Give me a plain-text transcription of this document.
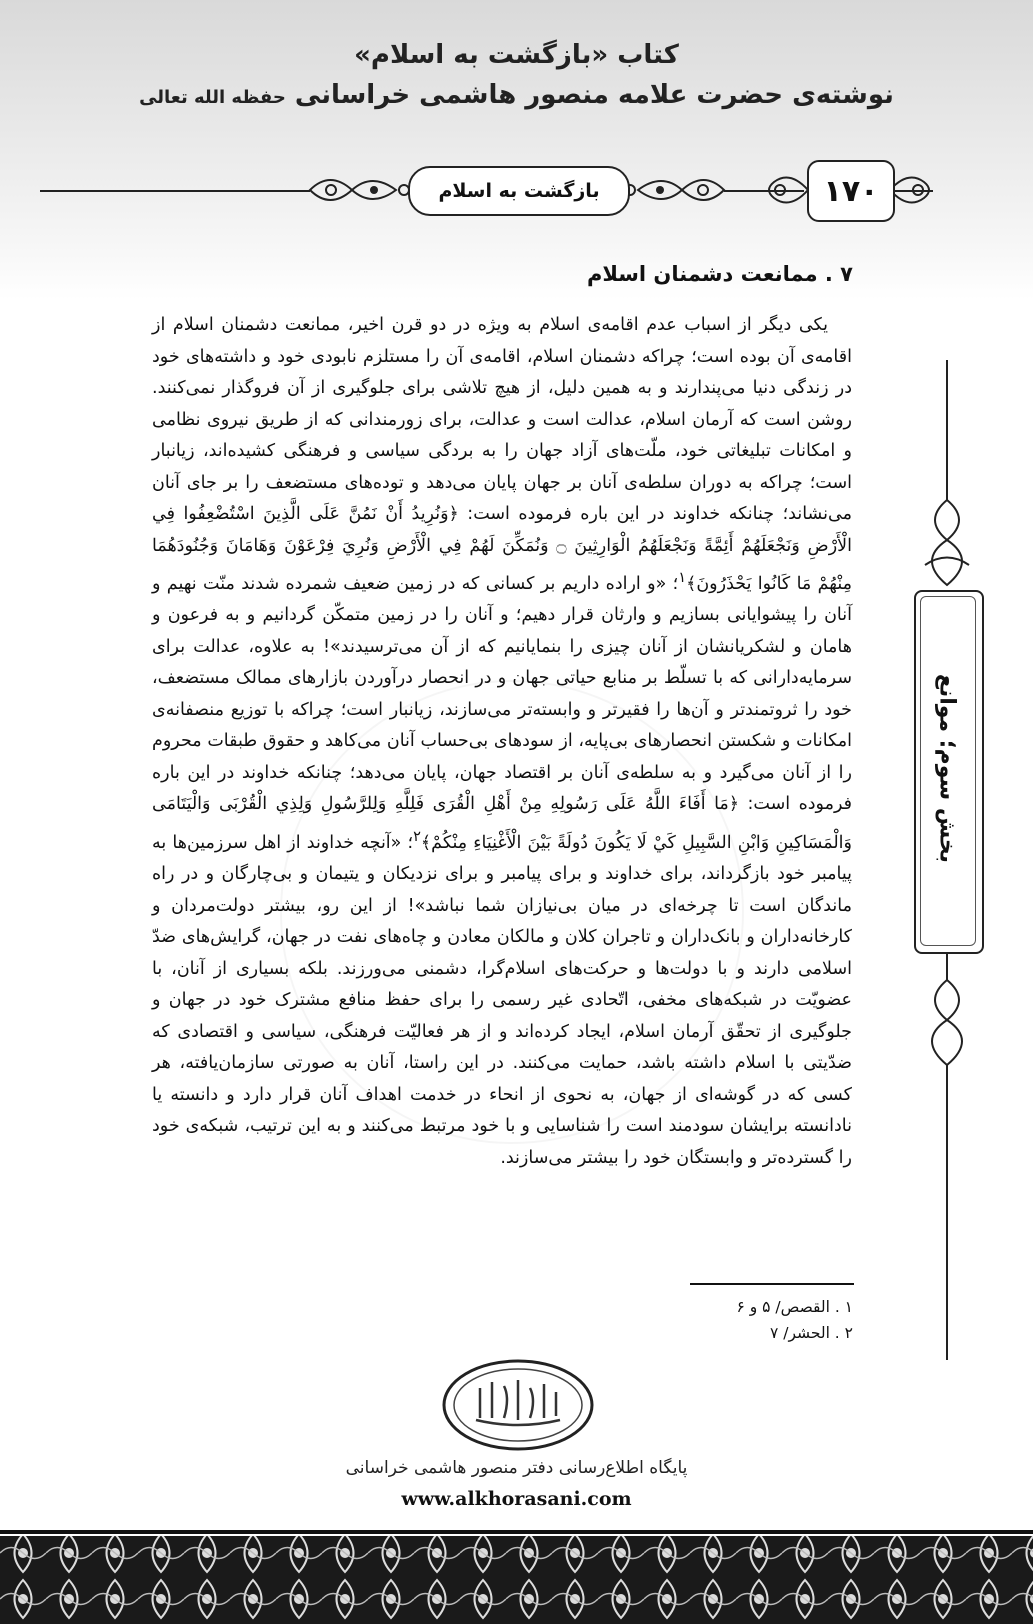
کتاب «بازگشت به اسلام»
نوشته‌ی حضرت علامه منصور هاشمی خراسانی حفظه الله تعالی
بازگشت به اسلام	۱۷۰
بخش سوم؛ موانع
۷ . ممانعت دشمنان اسلام

یکی دیگر از اسباب عدم اقامه‌ی اسلام به ویژه در دو قرن اخیر، ممانعت دشمنان اسلام از اقامه‌ی آن بوده است؛ چراکه دشمنان اسلام، اقامه‌ی آن را مستلزم نابودی خود و داشته‌های خود در زندگی دنیا می‌پندارند و به همین دلیل، از هیچ تلاشی برای جلوگیری از آن فروگذار نمی‌کنند. روشن است که آرمان اسلام، عدالت است و عدالت، برای زورمندانی که از طریق نیروی نظامی و امکانات تبلیغاتی خود، ملّت‌های آزاد جهان را به بردگی سیاسی و فرهنگی کشیده‌اند، زیانبار است؛ چراکه به دوران سلطه‌ی آنان بر جهان پایان می‌دهد و توده‌های مستضعف را بر جای آنان می‌نشاند؛ چنانکه خداوند در این باره فرموده است: ﴿وَنُرِيدُ أَنْ نَمُنَّ عَلَى الَّذِينَ اسْتُضْعِفُوا فِي الْأَرْضِ وَنَجْعَلَهُمْ أَئِمَّةً وَنَجْعَلَهُمُ الْوَارِثِينَ ۝ وَنُمَكِّنَ لَهُمْ فِي الْأَرْضِ وَنُرِيَ فِرْعَوْنَ وَهَامَانَ وَجُنُودَهُمَا مِنْهُمْ مَا كَانُوا يَحْذَرُونَ﴾$^۱$؛ «و اراده داریم بر کسانی که در زمین ضعیف شمرده شدند منّت نهیم و آنان را پیشوایانی بسازیم و وارثان قرار دهیم؛ و آنان را در زمین متمکّن گردانیم و به فرعون و هامان و لشکریانشان از آنان چیزی را بنمایانیم که از آن می‌ترسیدند»! به علاوه، عدالت برای سرمایه‌دارانی که با تسلّط بر منابع حیاتی جهان و در انحصار درآوردن بازارهای ممالک مستضعف، خود را ثروتمندتر و آن‌ها را فقیرتر و وابسته‌تر می‌سازند، زیانبار است؛ چراکه با توزیع منصفانه‌ی امکانات و شکستن انحصارهای بی‌پایه، از سودهای بی‌حساب آنان می‌کاهد و حقوق طبقات محروم را از آنان می‌گیرد و به سلطه‌ی آنان بر اقتصاد جهان، پایان می‌دهد؛ چنانکه خداوند در این باره فرموده است: ﴿مَا أَفَاءَ اللَّهُ عَلَى رَسُولِهِ مِنْ أَهْلِ الْقُرَى فَلِلَّهِ وَلِلرَّسُولِ وَلِذِي الْقُرْبَى وَالْيَتَامَى وَالْمَسَاكِينِ وَابْنِ السَّبِيلِ كَيْ لَا يَكُونَ دُولَةً بَيْنَ الْأَغْنِيَاءِ مِنْكُمْ﴾$^۲$؛ «آنچه خداوند از اهل سرزمین‌ها به پیامبر خود بازگرداند، برای خداوند و برای پیامبر و برای نزدیکان و یتیمان و بی‌چارگان و در راه ماندگان است تا چرخه‌ای در میان بی‌نیازان شما نباشد»! از این رو، بیشتر دولت‌مردان و کارخانه‌داران و بانک‌داران و تاجران کلان و مالکان معادن و چاه‌های نفت در جهان، گرایش‌های ضدّ اسلامی دارند و با دولت‌ها و حرکت‌های اسلام‌گرا، دشمنی می‌ورزند. بلکه بسیاری از آنان، با عضویّت در شبکه‌های مخفی، اتّحادی غیر رسمی را برای حفظ منافع مشترک خود در جهان و جلوگیری از تحقّق آرمان اسلام، ایجاد کرده‌اند و از هر فعالیّت فرهنگی، سیاسی و اقتصادی که ضدّیتی با اسلام داشته باشد، حمایت می‌کنند. در این راستا، آنان به صورتی سازمان‌یافته، هر کسی که در گوشه‌ای از جهان، به نحوی از انحاء در خدمت اهداف آنان قرار دارد و دانسته یا نادانسته برایشان سودمند است را شناسایی و با خود مرتبط می‌کنند و به این ترتیب، شبکه‌ی خود را گسترده‌تر و وابستگان خود را بیشتر می‌سازند.

۱ . القصص/ ۵ و ۶
۲ . الحشر/ ۷
پایگاه اطلاع‌رسانی دفتر منصور هاشمی خراسانی
www.alkhorasani.com
